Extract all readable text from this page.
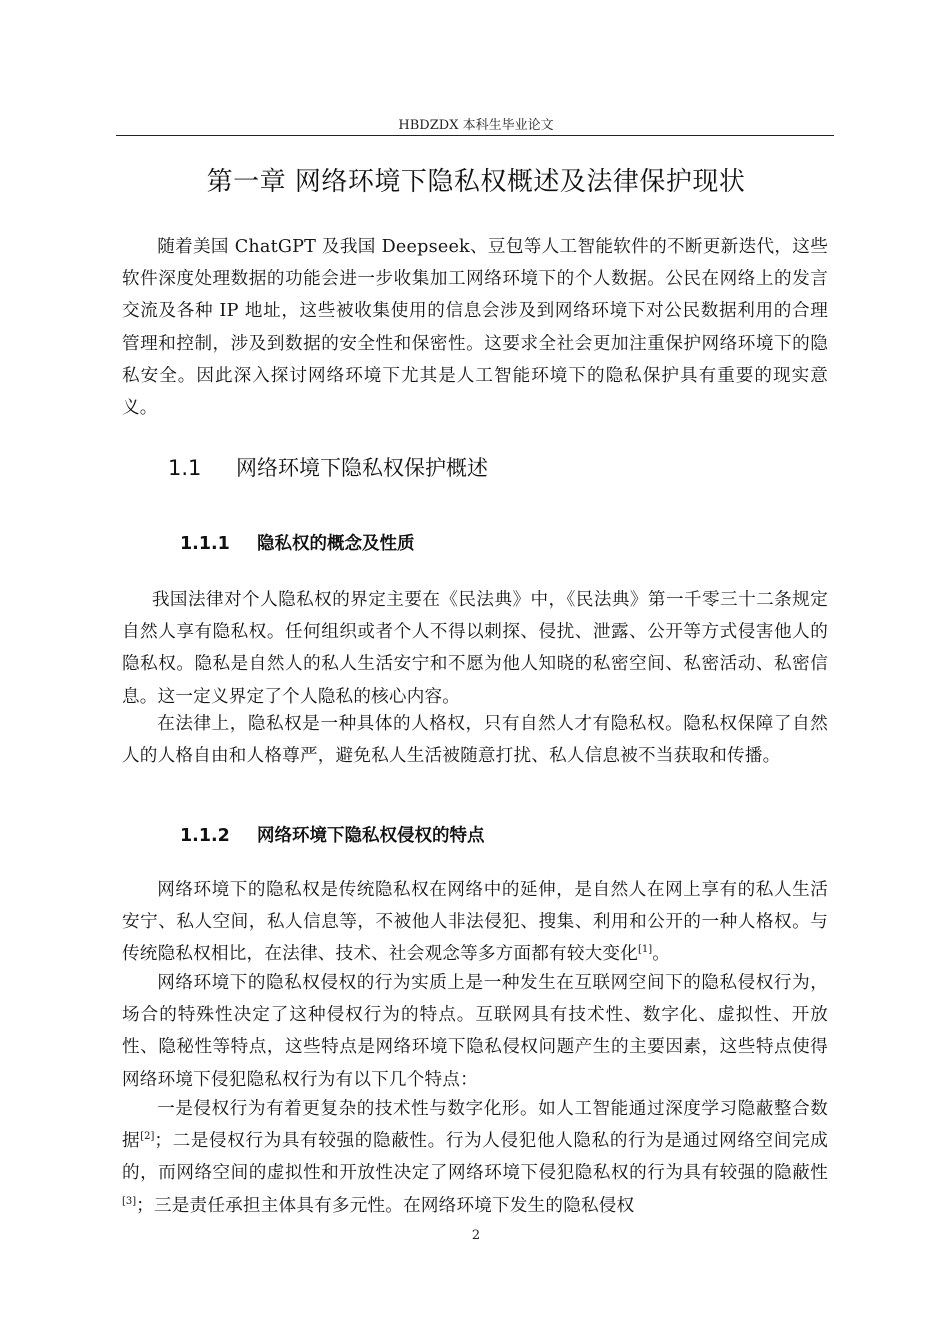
HBDZDX 本科生毕业论文
第一章 网络环境下隐私权概述及法律保护现状
随着美国 ChatGPT 及我国 Deepseek、豆包等人工智能软件的不断更新迭代，这些软件深度处理数据的功能会进一步收集加工网络环境下的个人数据。公民在网络上的发言交流及各种 IP 地址，这些被收集使用的信息会涉及到网络环境下对公民数据利用的合理管理和控制，涉及到数据的安全性和保密性。这要求全社会更加注重保护网络环境下的隐私安全。因此深入探讨网络环境下尤其是人工智能环境下的隐私保护具有重要的现实意义。
1.1 网络环境下隐私权保护概述
1.1.1 隐私权的概念及性质
我国法律对个人隐私权的界定主要在《民法典》中，《民法典》第一千零三十二条规定自然人享有隐私权。任何组织或者个人不得以刺探、侵扰、泄露、公开等方式侵害他人的隐私权。隐私是自然人的私人生活安宁和不愿为他人知晓的私密空间、私密活动、私密信息。这一定义界定了个人隐私的核心内容。
在法律上，隐私权是一种具体的人格权，只有自然人才有隐私权。隐私权保障了自然人的人格自由和人格尊严，避免私人生活被随意打扰、私人信息被不当获取和传播。
1.1.2 网络环境下隐私权侵权的特点
网络环境下的隐私权是传统隐私权在网络中的延伸，是自然人在网上享有的私人生活安宁、私人空间，私人信息等，不被他人非法侵犯、搜集、利用和公开的一种人格权。与传统隐私权相比，在法律、技术、社会观念等多方面都有较大变化[1]。
网络环境下的隐私权侵权的行为实质上是一种发生在互联网空间下的隐私侵权行为，场合的特殊性决定了这种侵权行为的特点。互联网具有技术性、数字化、虚拟性、开放性、隐秘性等特点，这些特点是网络环境下隐私侵权问题产生的主要因素，这些特点使得网络环境下侵犯隐私权行为有以下几个特点：
一是侵权行为有着更复杂的技术性与数字化形。如人工智能通过深度学习隐蔽整合数据[2]；二是侵权行为具有较强的隐蔽性。行为人侵犯他人隐私的行为是通过网络空间完成的，而网络空间的虚拟性和开放性决定了网络环境下侵犯隐私权的行为具有较强的隐蔽性[3]；三是责任承担主体具有多元性。在网络环境下发生的隐私侵权
2
